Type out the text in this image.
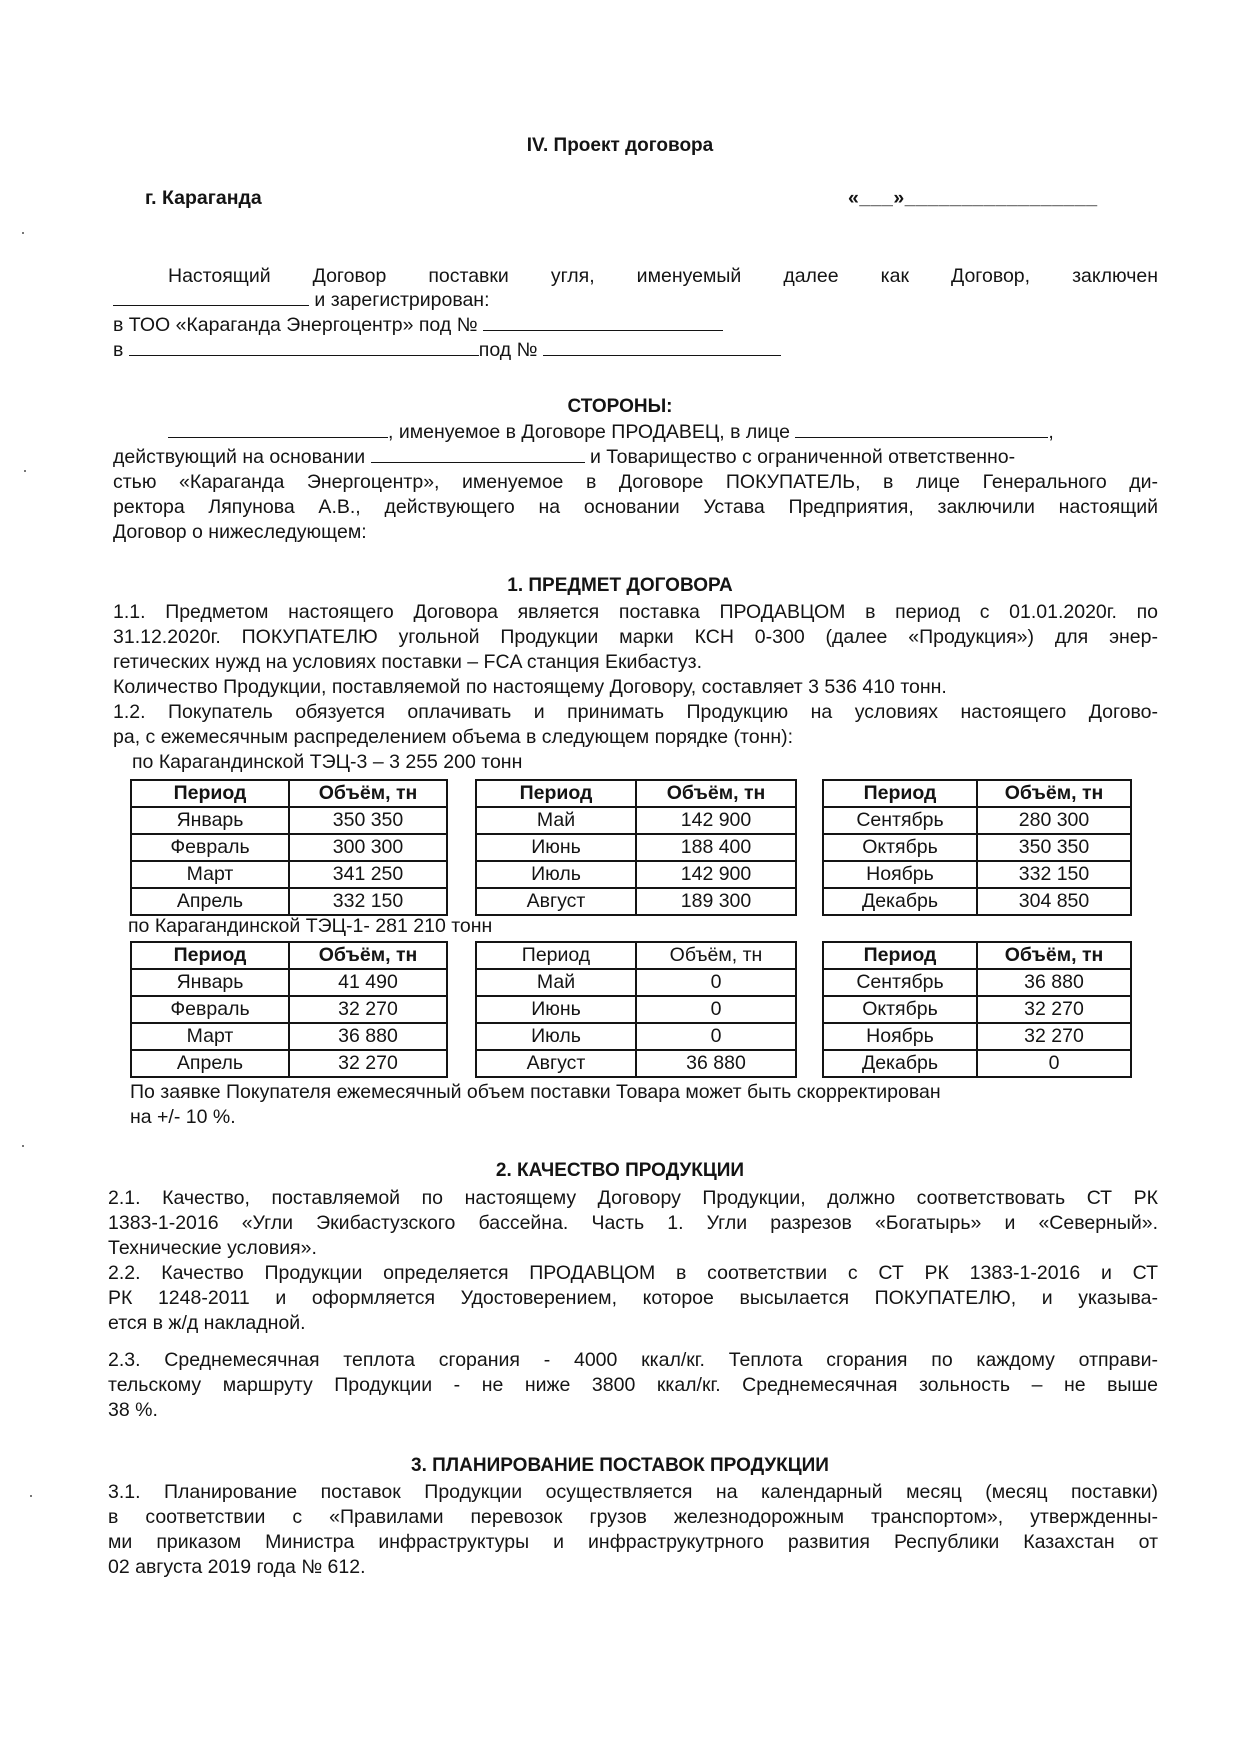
IV. Проект договора
г. Караганда	«___»_________________
Настоящий Договор поставки угля, именуемый далее как Договор, заключен
и зарегистрирован:
в ТОО «Караганда Энергоцентр» под №
в	под №
СТОРОНЫ:
, именуемое в Договоре ПРОДАВЕЦ, в лице	,
действующий на основании	и Товарищество с ограниченной ответственно-
стью «Караганда Энергоцентр», именуемое в Договоре ПОКУПАТЕЛЬ, в лице Генерального ди-
ректора Ляпунова А.В., действующего на основании Устава Предприятия, заключили настоящий
Договор о нижеследующем:
1. ПРЕДМЕТ ДОГОВОРА
1.1. Предметом настоящего Договора является поставка ПРОДАВЦОМ в период с 01.01.2020г. по
31.12.2020г. ПОКУПАТЕЛЮ угольной Продукции марки КСН 0-300 (далее «Продукция») для энер-
гетических нужд на условиях поставки – FCA станция Екибастуз.
Количество Продукции, поставляемой по настоящему Договору, составляет 3 536 410 тонн.
1.2. Покупатель обязуется оплачивать и принимать Продукцию на условиях настоящего Догово-
ра, с ежемесячным распределением объема в следующем порядке (тонн):
по Карагандинской ТЭЦ-3 – 3 255 200 тонн
Период	Объём, тн
Январь	350 350
Февраль	300 300
Март	341 250
Апрель	332 150
Период	Объём, тн
Май	142 900
Июнь	188 400
Июль	142 900
Август	189 300
Период	Объём, тн
Сентябрь	280 300
Октябрь	350 350
Ноябрь	332 150
Декабрь	304 850
по Карагандинской ТЭЦ-1- 281 210 тонн
Период	Объём, тн
Январь	41 490
Февраль	32 270
Март	36 880
Апрель	32 270
Период	Объём, тн
Май	0
Июнь	0
Июль	0
Август	36 880
Период	Объём, тн
Сентябрь	36 880
Октябрь	32 270
Ноябрь	32 270
Декабрь	0
По заявке Покупателя ежемесячный объем поставки Товара может быть скорректирован
на +/- 10 %.
2. КАЧЕСТВО ПРОДУКЦИИ
2.1. Качество, поставляемой по настоящему Договору Продукции, должно соответствовать СТ РК
1383-1-2016 «Угли Экибастузского бассейна. Часть 1. Угли разрезов «Богатырь» и «Северный».
Технические условия».
2.2. Качество Продукции определяется ПРОДАВЦОМ в соответствии с СТ РК 1383-1-2016 и СТ
РК 1248-2011 и оформляется Удостоверением, которое высылается ПОКУПАТЕЛЮ, и указыва-
ется в ж/д накладной.
2.3. Среднемесячная теплота сгорания - 4000 ккал/кг. Теплота сгорания по каждому отправи-
тельскому маршруту Продукции - не ниже 3800 ккал/кг. Среднемесячная зольность – не выше
38 %.
3. ПЛАНИРОВАНИЕ ПОСТАВОК ПРОДУКЦИИ
3.1. Планирование поставок Продукции осуществляется на календарный месяц (месяц поставки)
в соответствии с «Правилами перевозок грузов железнодорожным транспортом», утвержденны-
ми приказом Министра инфраструктуры и инфраструкутрного развития Республики Казахстан от
02 августа 2019 года № 612.
